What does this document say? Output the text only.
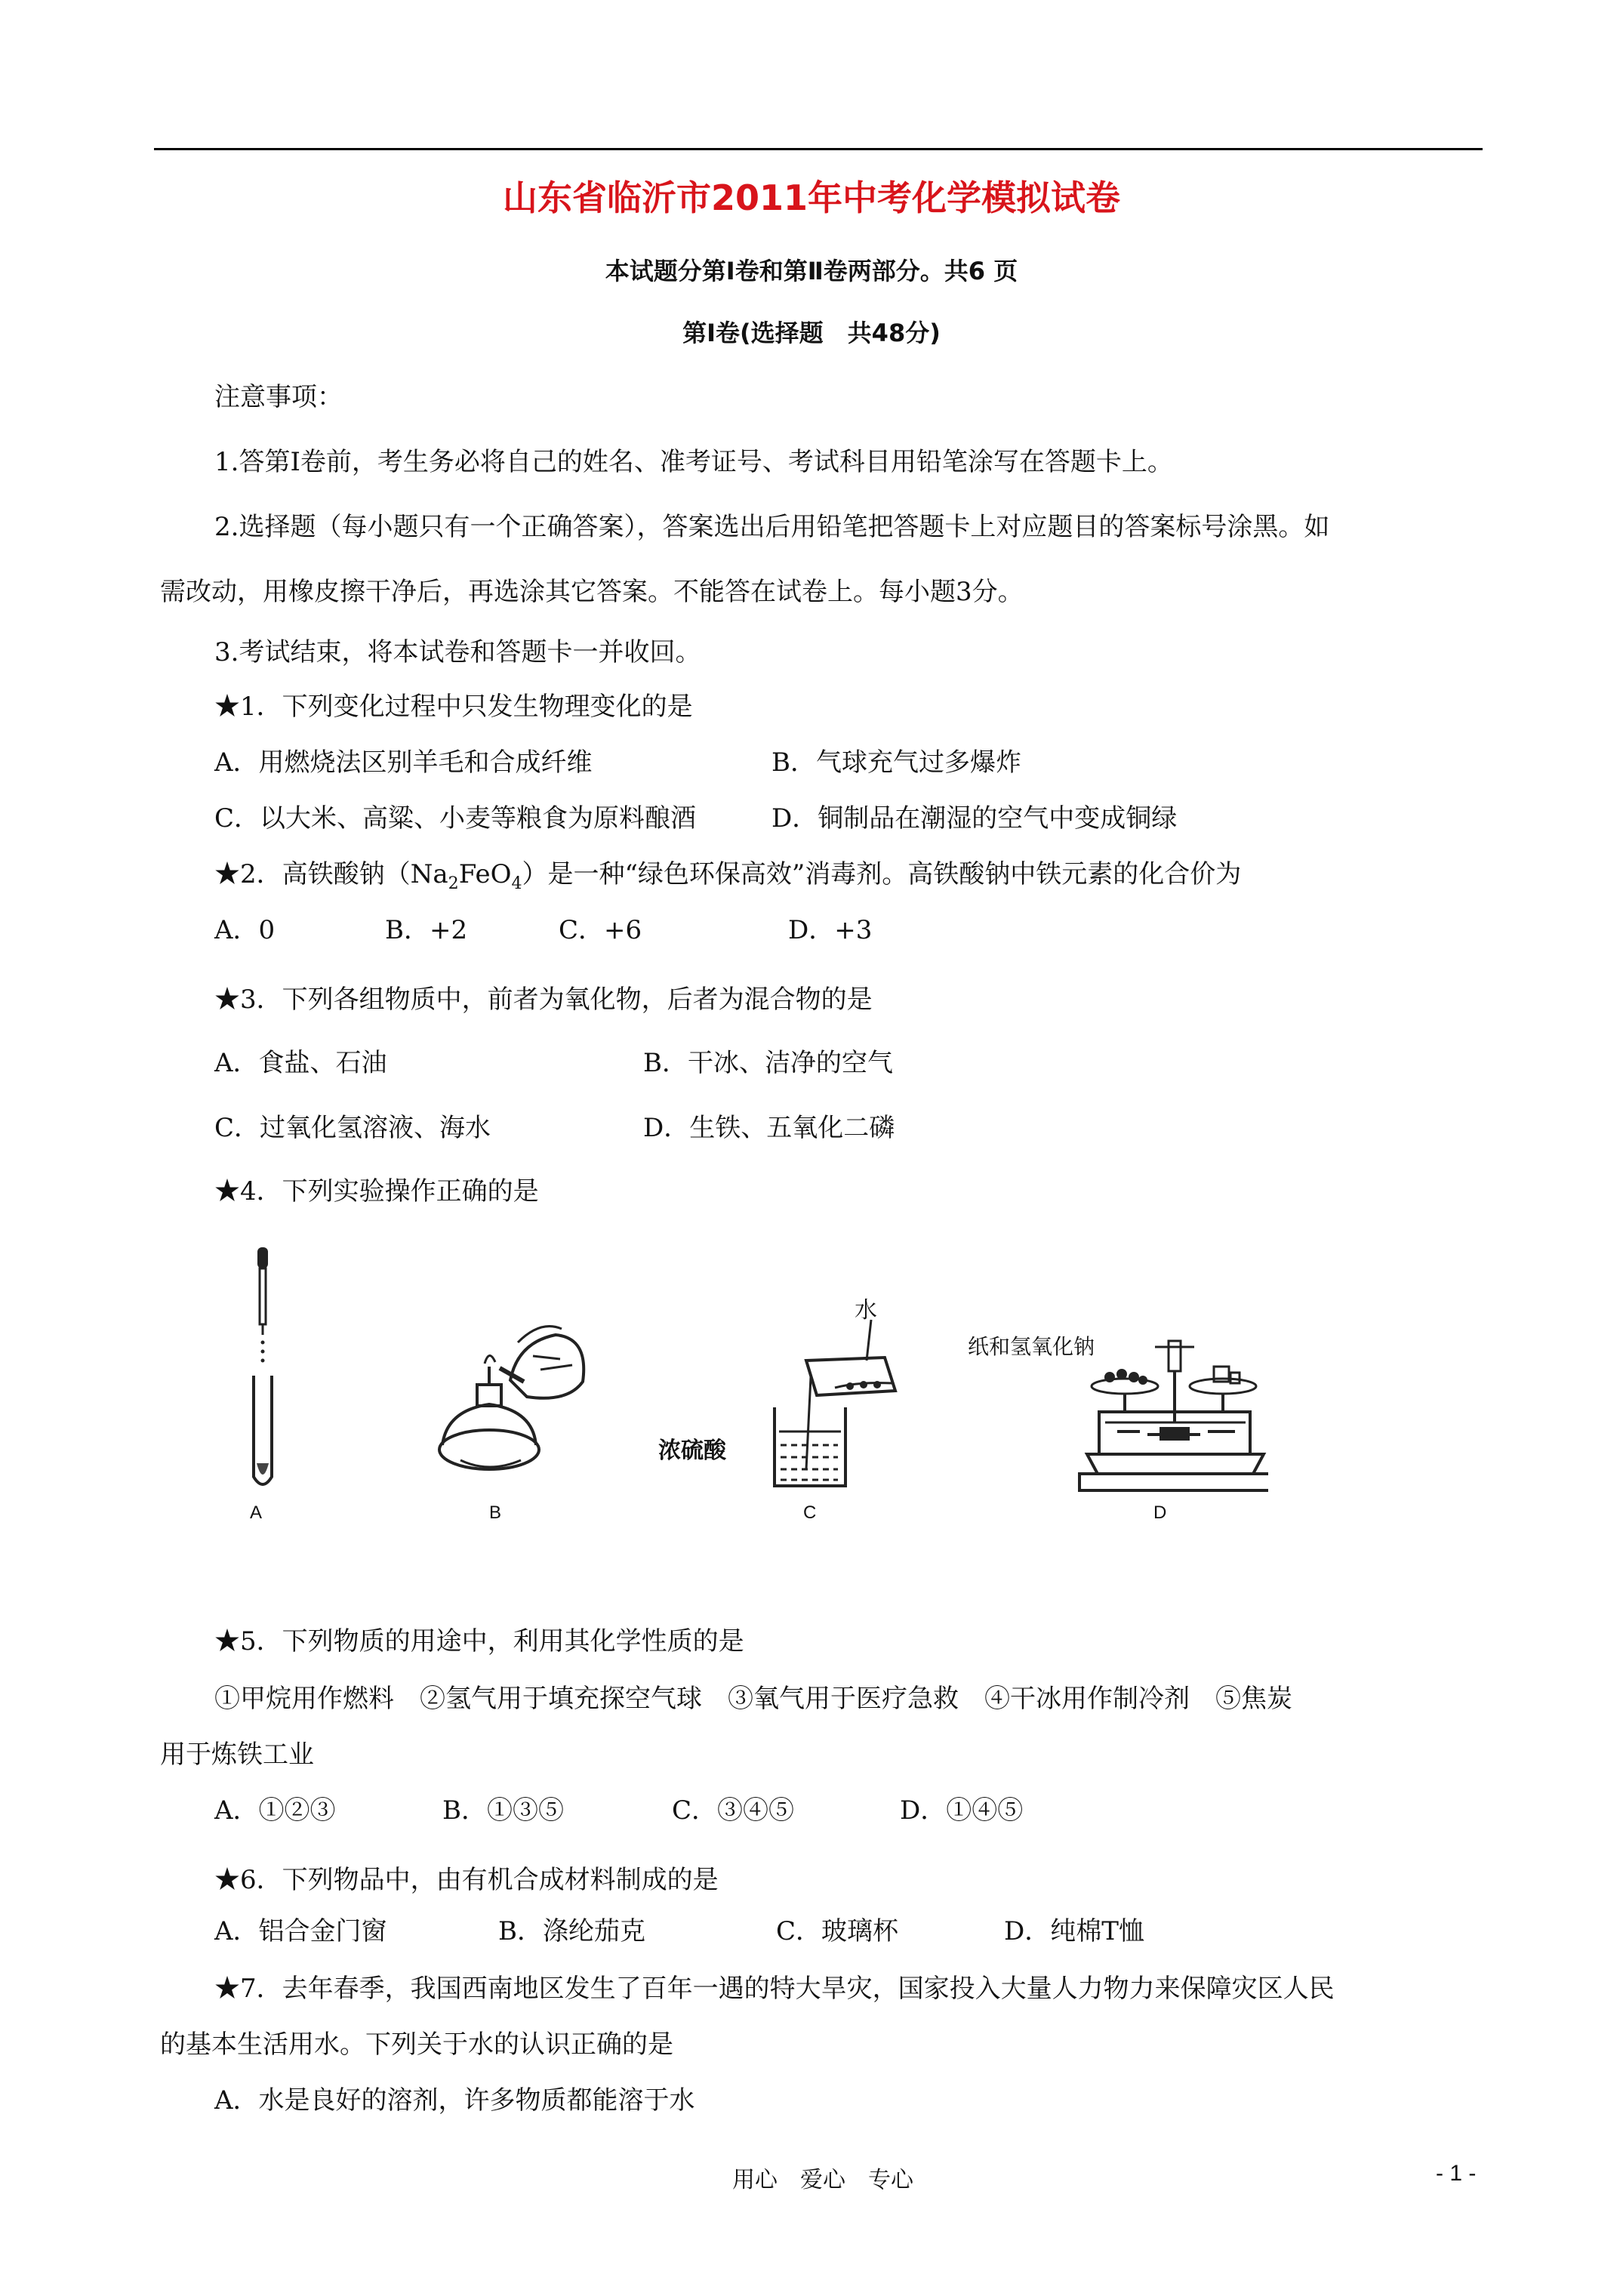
山东省临沂市2011年中考化学模拟试卷
本试题分第Ⅰ卷和第Ⅱ卷两部分。共6 页
第Ⅰ卷(选择题　共48分)
注意事项：
1.答第Ⅰ卷前，考生务必将自己的姓名、准考证号、考试科目用铅笔涂写在答题卡上。
2.选择题（每小题只有一个正确答案），答案选出后用铅笔把答题卡上对应题目的答案标号涂黑。如
需改动，用橡皮擦干净后，再选涂其它答案。不能答在试卷上。每小题3分。
3.考试结束，将本试卷和答题卡一并收回。
★1．下列变化过程中只发生物理变化的是
A．用燃烧法区别羊毛和合成纤维	B．气球充气过多爆炸
C．以大米、高粱、小麦等粮食为原料酿酒	D．铜制品在潮湿的空气中变成铜绿
★2．高铁酸钠$(Na_2FeO_4)$是一种“绿色环保高效”消毒剂。高铁酸钠中铁元素的化合价为
A．0	B．+2	C．+6	D．+3
★3．下列各组物质中，前者为氧化物，后者为混合物的是
A．食盐、石油	B．干冰、洁净的空气
C．过氧化氢溶液、海水	D．生铁、五氧化二磷
★4．下列实验操作正确的是
A	B
水
浓硫酸
C
纸和氢氧化钠
D
★5．下列物质的用途中，利用其化学性质的是
①甲烷用作燃料　②氢气用于填充探空气球　③氧气用于医疗急救　④干冰用作制冷剂　⑤焦炭
用于炼铁工业
A．①②③	B．①③⑤	C．③④⑤	D．①④⑤
★6．下列物品中，由有机合成材料制成的是
A．铝合金门窗	B．涤纶茄克	C．玻璃杯	D．纯棉T恤
★7．去年春季，我国西南地区发生了百年一遇的特大旱灾，国家投入大量人力物力来保障灾区人民
的基本生活用水。下列关于水的认识正确的是
A．水是良好的溶剂，许多物质都能溶于水
用心　爱心　专心	- 1 -
